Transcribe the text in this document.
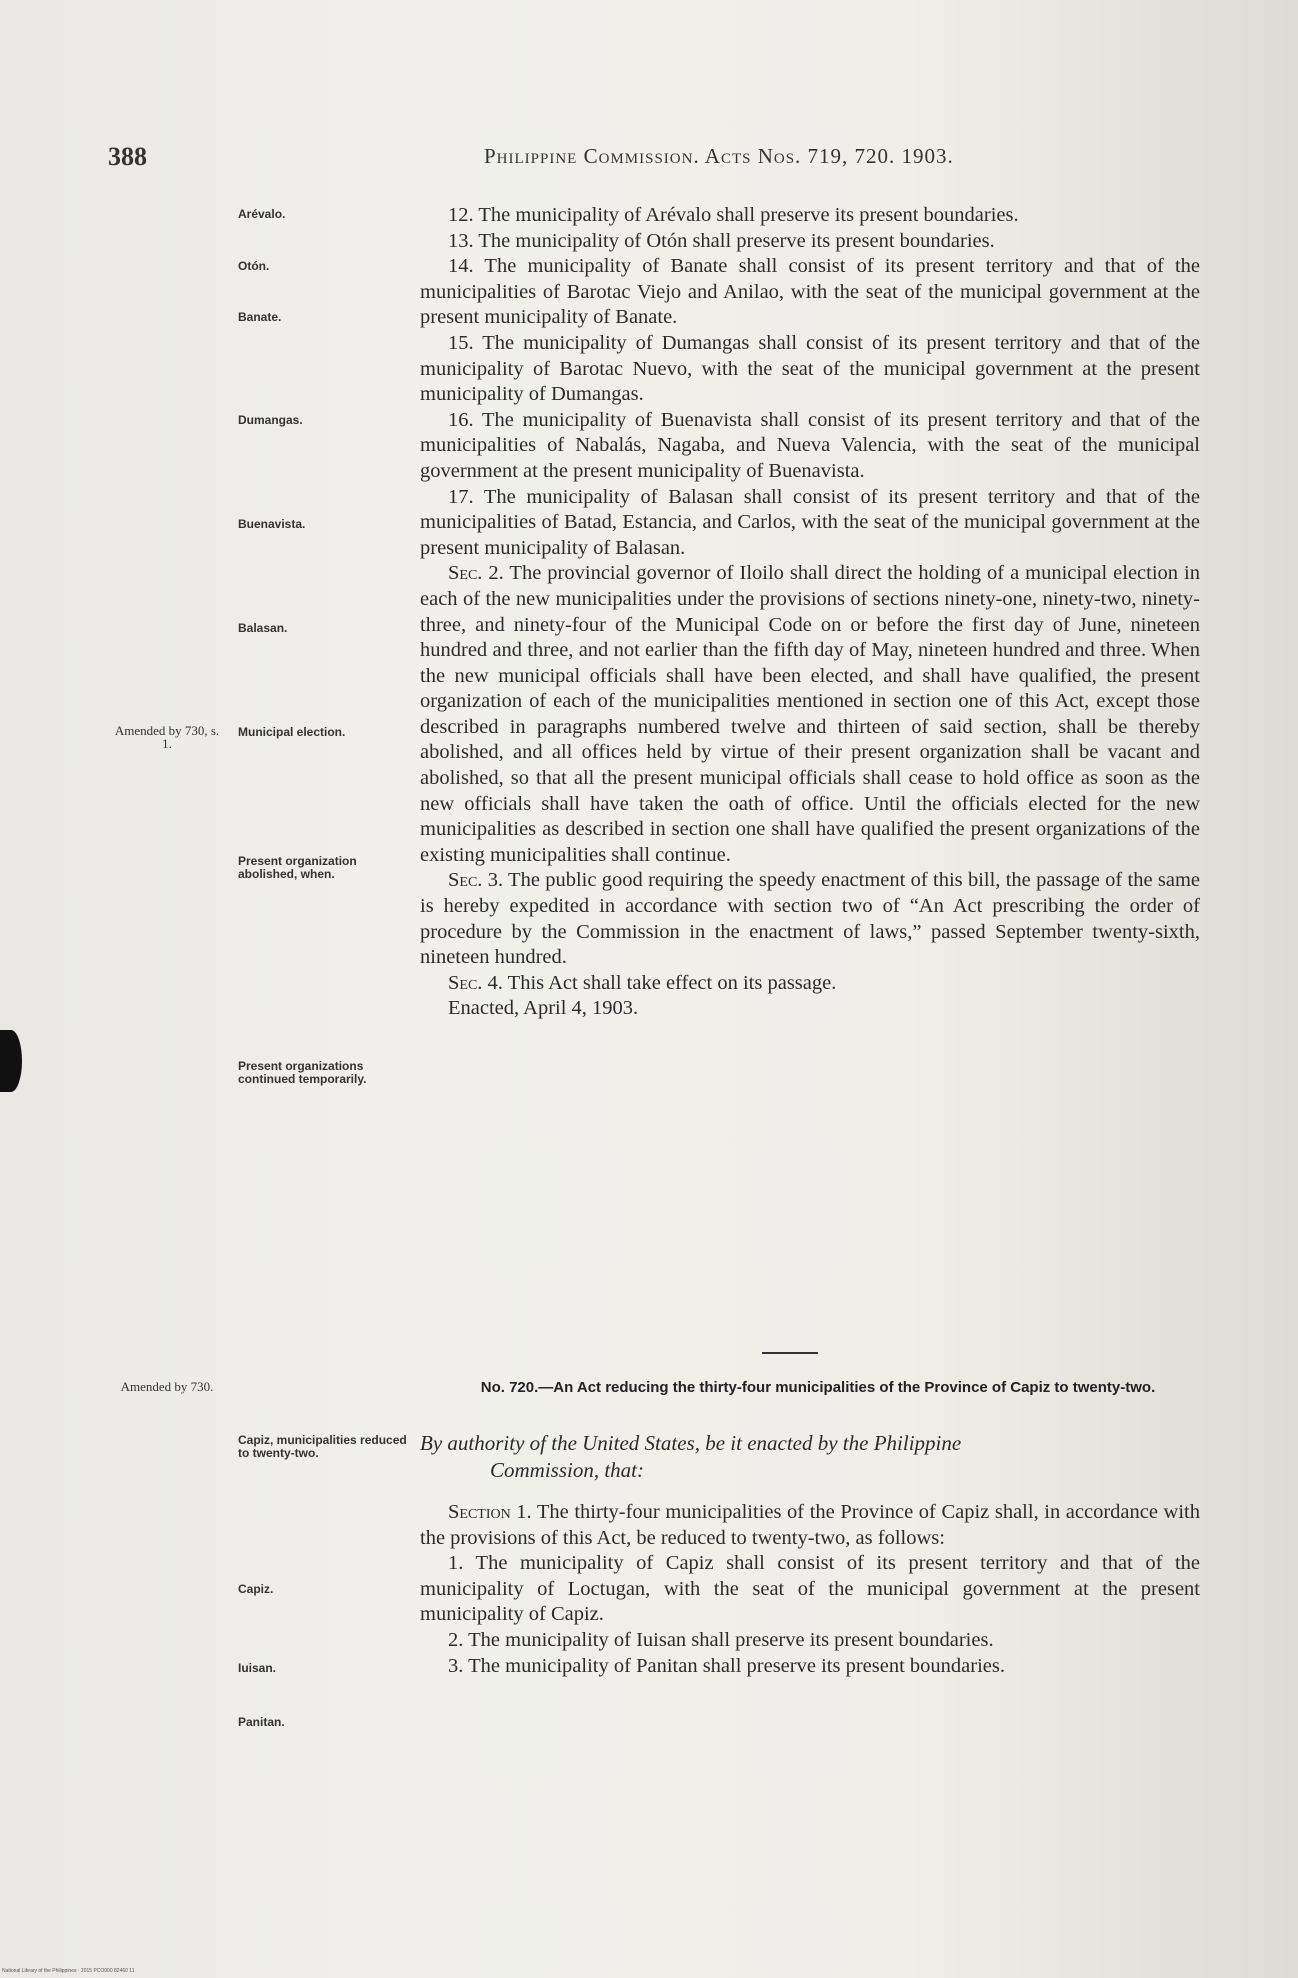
388	Philippine Commission. Acts Nos. 719, 720. 1903.
Arévalo.
Otón.
Banate.
Dumangas.
Buenavista.
Balasan.
Amended by 730, s. 1.
Municipal election.
Present organization abolished, when.
Present organizations continued temporarily.

12. The municipality of Arévalo shall preserve its present boundaries.

13. The municipality of Otón shall preserve its present boundaries.

14. The municipality of Banate shall consist of its present territory and that of the municipalities of Barotac Viejo and Anilao, with the seat of the municipal government at the present municipality of Banate.

15. The municipality of Dumangas shall consist of its present territory and that of the municipality of Barotac Nuevo, with the seat of the municipal government at the present municipality of Dumangas.

16. The municipality of Buenavista shall consist of its present territory and that of the municipalities of Nabalás, Nagaba, and Nueva Valencia, with the seat of the municipal government at the present municipality of Buenavista.

17. The municipality of Balasan shall consist of its present territory and that of the municipalities of Batad, Estancia, and Carlos, with the seat of the municipal government at the present municipality of Balasan.

Sec. 2. The provincial governor of Iloilo shall direct the holding of a municipal election in each of the new municipalities under the provisions of sections ninety-one, ninety-two, ninety-three, and ninety-four of the Municipal Code on or before the first day of June, nineteen hundred and three, and not earlier than the fifth day of May, nineteen hundred and three. When the new municipal officials shall have been elected, and shall have qualified, the present organization of each of the municipalities mentioned in section one of this Act, except those described in paragraphs numbered twelve and thirteen of said section, shall be thereby abolished, and all offices held by virtue of their present organization shall be vacant and abolished, so that all the present municipal officials shall cease to hold office as soon as the new officials shall have taken the oath of office. Until the officials elected for the new municipalities as described in section one shall have qualified the present organizations of the existing municipalities shall continue.

Sec. 3. The public good requiring the speedy enactment of this bill, the passage of the same is hereby expedited in accordance with section two of “An Act prescribing the order of procedure by the Commission in the enactment of laws,” passed September twenty-sixth, nineteen hundred.

Sec. 4. This Act shall take effect on its passage.

Enacted, April 4, 1903.

Amended by 730.	No. 720.—An Act reducing the thirty-four municipalities of the Province of Capiz to twenty-two.
Capiz, municipalities reduced to twenty-two.	By authority of the United States, be it enacted by the Philippine
Commission, that:
Capiz.
Iuisan.
Panitan.

Section 1. The thirty-four municipalities of the Province of Capiz shall, in accordance with the provisions of this Act, be reduced to twenty-two, as follows:

1. The municipality of Capiz shall consist of its present territory and that of the municipality of Loctugan, with the seat of the municipal government at the present municipality of Capiz.

2. The municipality of Iuisan shall preserve its present boundaries.

3. The municipality of Panitan shall preserve its present boundaries.

National Library of the Philippines · 2015 PCO000 82460 11
